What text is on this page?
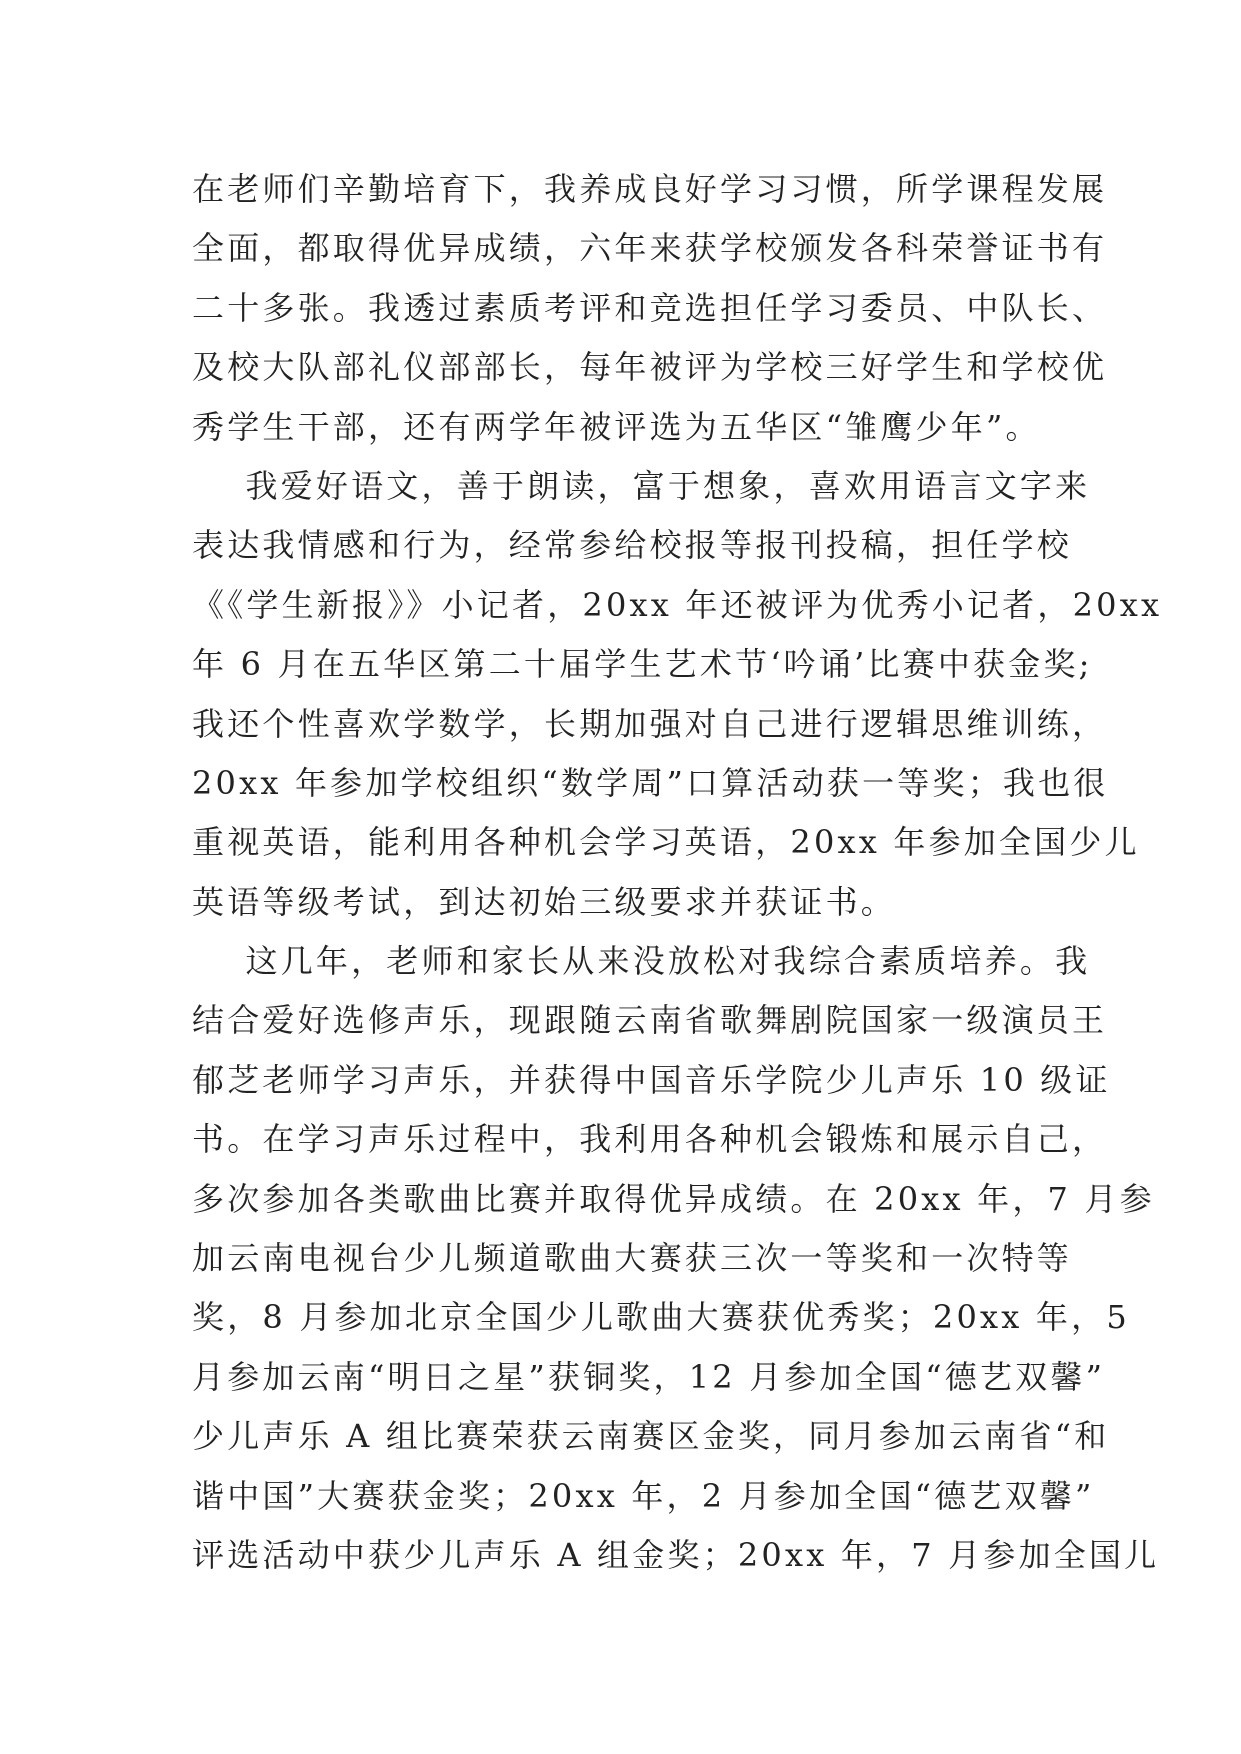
在老师们辛勤培育下，我养成良好学习习惯，所学课程发展
全面，都取得优异成绩，六年来获学校颁发各科荣誉证书有
二十多张。我透过素质考评和竞选担任学习委员、中队长、
及校大队部礼仪部部长，每年被评为学校三好学生和学校优
秀学生干部，还有两学年被评选为五华区“雏鹰少年”。
我爱好语文，善于朗读，富于想象，喜欢用语言文字来
表达我情感和行为，经常参给校报等报刊投稿，担任学校
《《学生新报》》小记者，20xx 年还被评为优秀小记者，20xx
年 6 月在五华区第二十届学生艺术节‘吟诵’比赛中获金奖;
我还个性喜欢学数学，长期加强对自己进行逻辑思维训练，
20xx 年参加学校组织“数学周”口算活动获一等奖；我也很
重视英语，能利用各种机会学习英语，20xx 年参加全国少儿
英语等级考试，到达初始三级要求并获证书。
这几年，老师和家长从来没放松对我综合素质培养。我
结合爱好选修声乐，现跟随云南省歌舞剧院国家一级演员王
郁芝老师学习声乐，并获得中国音乐学院少儿声乐 10 级证
书。在学习声乐过程中，我利用各种机会锻炼和展示自己，
多次参加各类歌曲比赛并取得优异成绩。在 20xx 年，7 月参
加云南电视台少儿频道歌曲大赛获三次一等奖和一次特等
奖，8 月参加北京全国少儿歌曲大赛获优秀奖；20xx 年，5
月参加云南“明日之星”获铜奖，12 月参加全国“德艺双馨”
少儿声乐 A 组比赛荣获云南赛区金奖，同月参加云南省“和
谐中国”大赛获金奖；20xx 年，2 月参加全国“德艺双馨”
评选活动中获少儿声乐 A 组金奖；20xx 年，7 月参加全国儿
